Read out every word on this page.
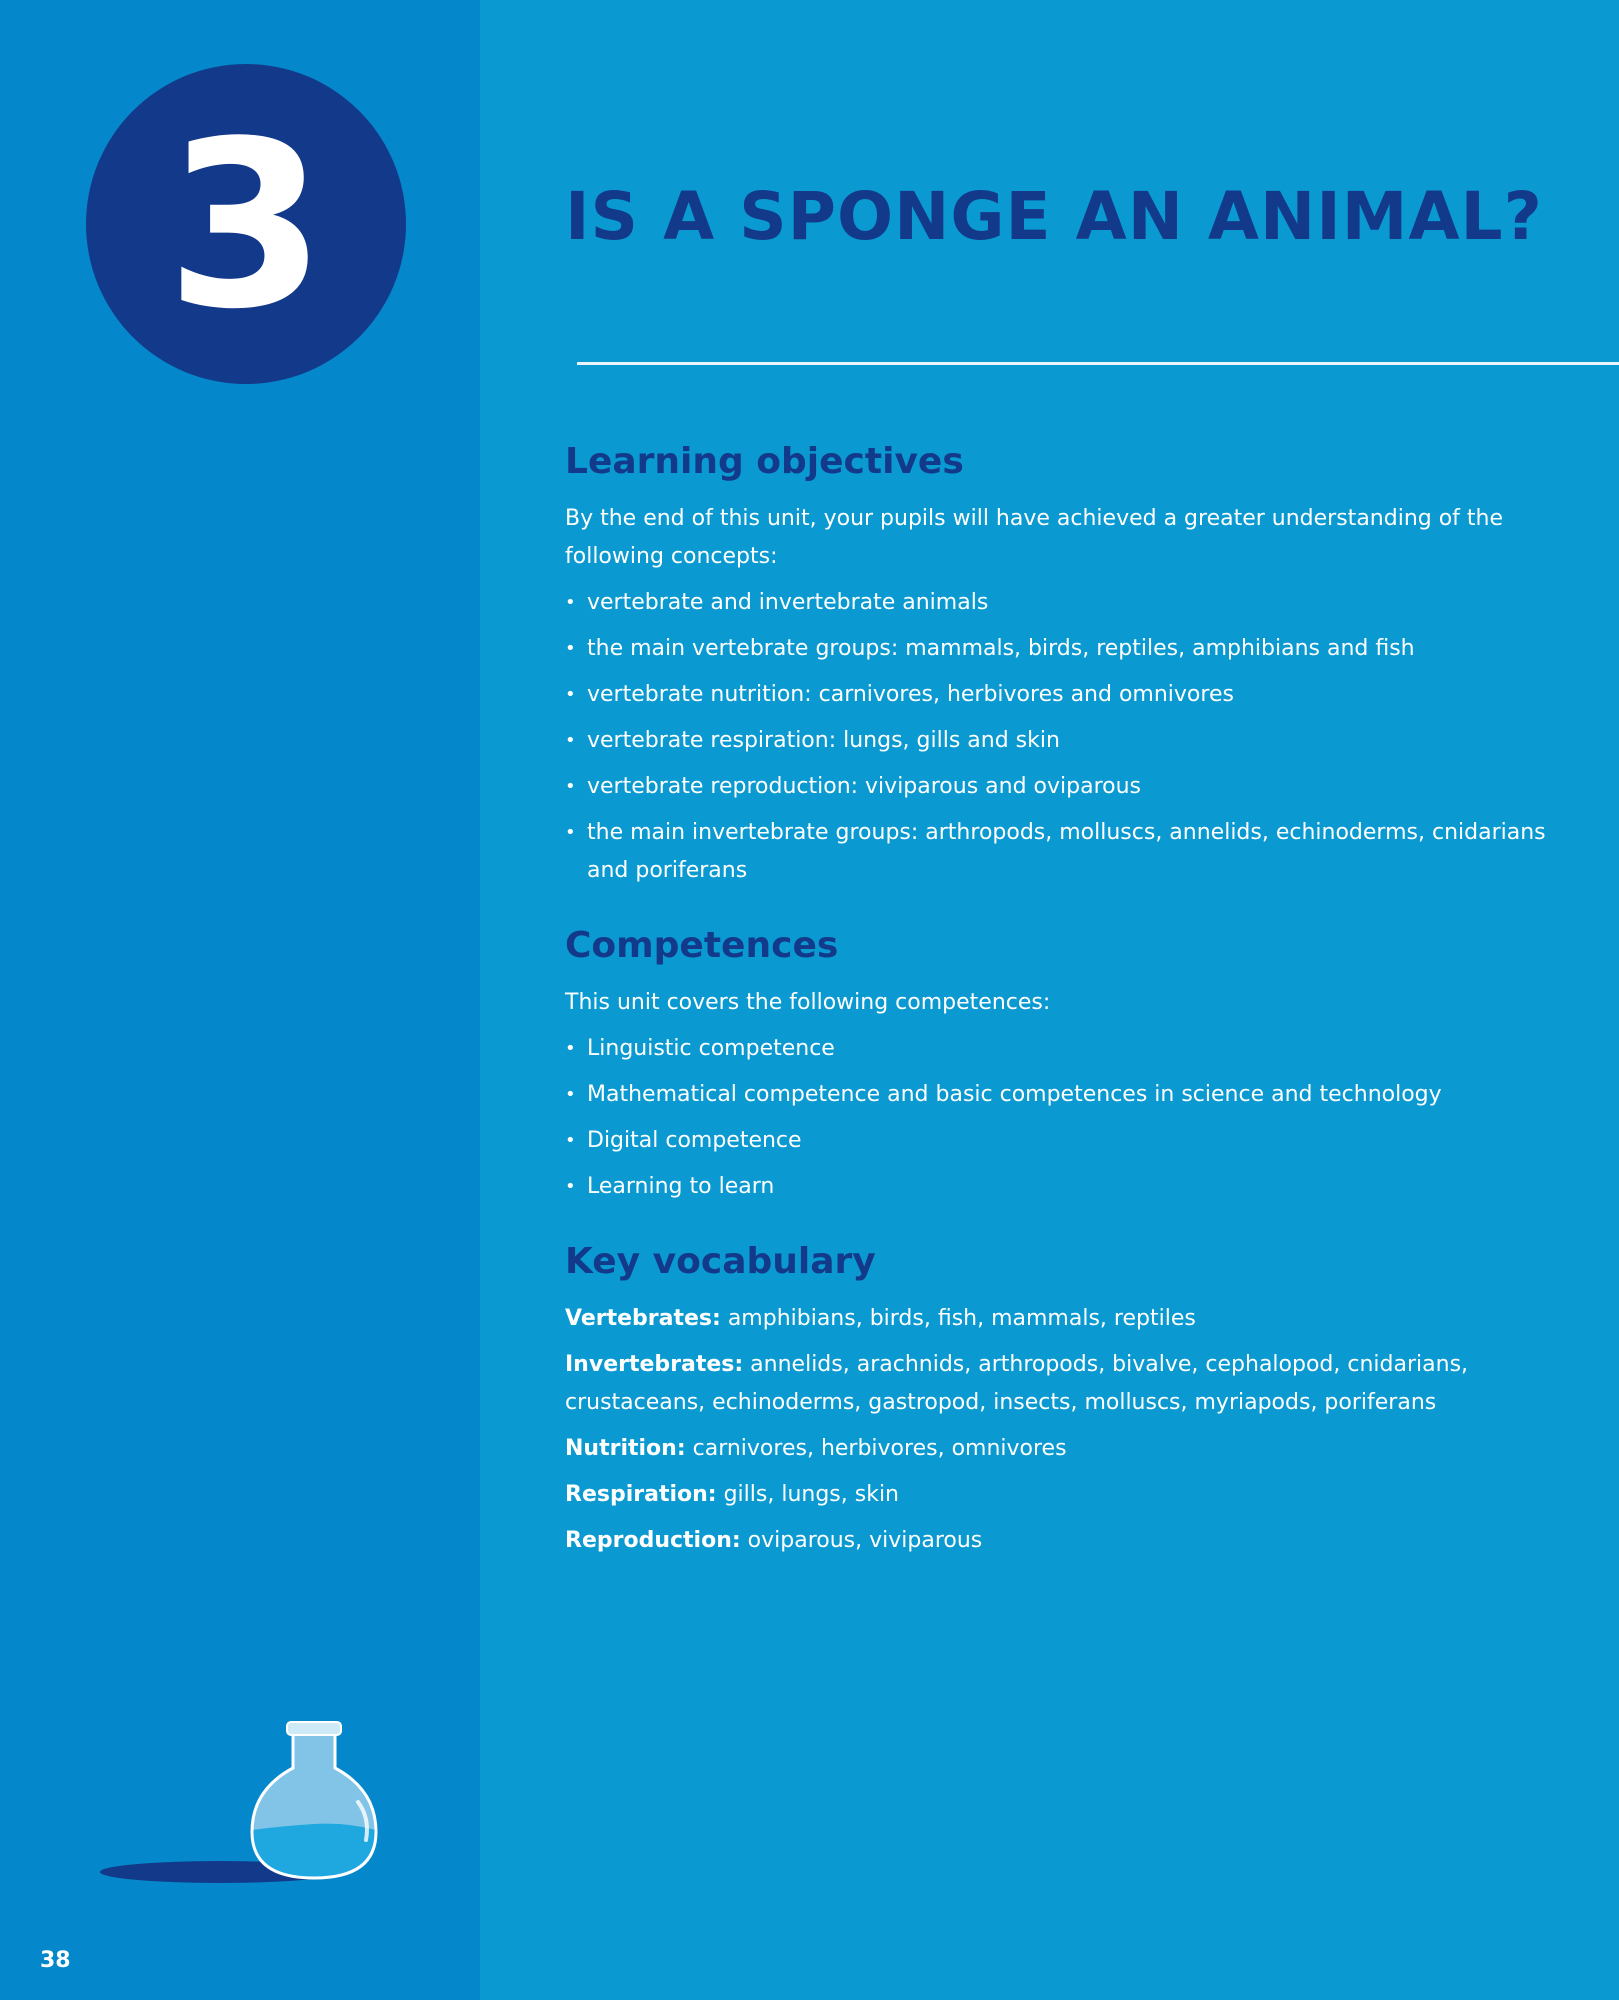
3	IS A SPONGE AN ANIMAL?
Learning objectives

By the end of this unit, your pupils will have achieved a greater understanding of the following concepts:

• vertebrate and invertebrate animals
• the main vertebrate groups: mammals, birds, reptiles, amphibians and fish
• vertebrate nutrition: carnivores, herbivores and omnivores
• vertebrate respiration: lungs, gills and skin
• vertebrate reproduction: viviparous and oviparous
• the main invertebrate groups: arthropods, molluscs, annelids, echinoderms, cnidarians and poriferans
Competences

This unit covers the following competences:

• Linguistic competence
• Mathematical competence and basic competences in science and technology
• Digital competence
• Learning to learn
Key vocabulary

Vertebrates: amphibians, birds, fish, mammals, reptiles

Invertebrates: annelids, arachnids, arthropods, bivalve, cephalopod, cnidarians, crustaceans, echinoderms, gastropod, insects, molluscs, myriapods, poriferans

Nutrition: carnivores, herbivores, omnivores

Respiration: gills, lungs, skin

Reproduction: oviparous, viviparous

38
